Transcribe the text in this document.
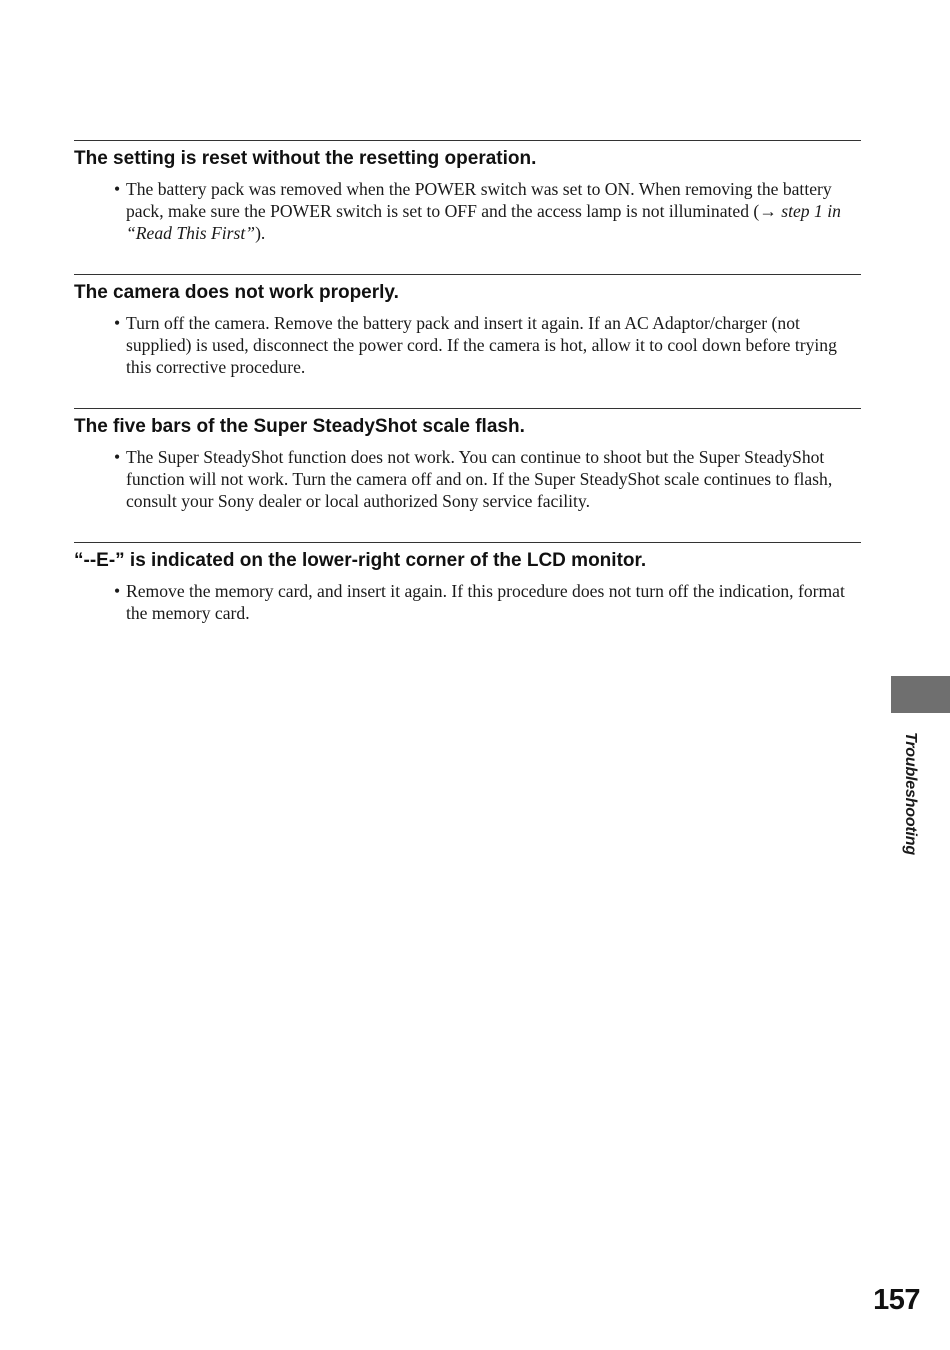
The setting is reset without the resetting operation.

• The battery pack was removed when the POWER switch was set to ON. When removing the battery pack, make sure the POWER switch is set to OFF and the access lamp is not illuminated (→ step 1 in “Read This First”).

The camera does not work properly.

• Turn off the camera. Remove the battery pack and insert it again. If an AC Adaptor/charger (not supplied) is used, disconnect the power cord. If the camera is hot, allow it to cool down before trying this corrective procedure.

The five bars of the Super SteadyShot scale flash.

• The Super SteadyShot function does not work. You can continue to shoot but the Super SteadyShot function will not work. Turn the camera off and on. If the Super SteadyShot scale continues to flash, consult your Sony dealer or local authorized Sony service facility.

“--E-” is indicated on the lower-right corner of the LCD monitor.

• Remove the memory card, and insert it again. If this procedure does not turn off the indication, format the memory card.

Troubleshooting
157
